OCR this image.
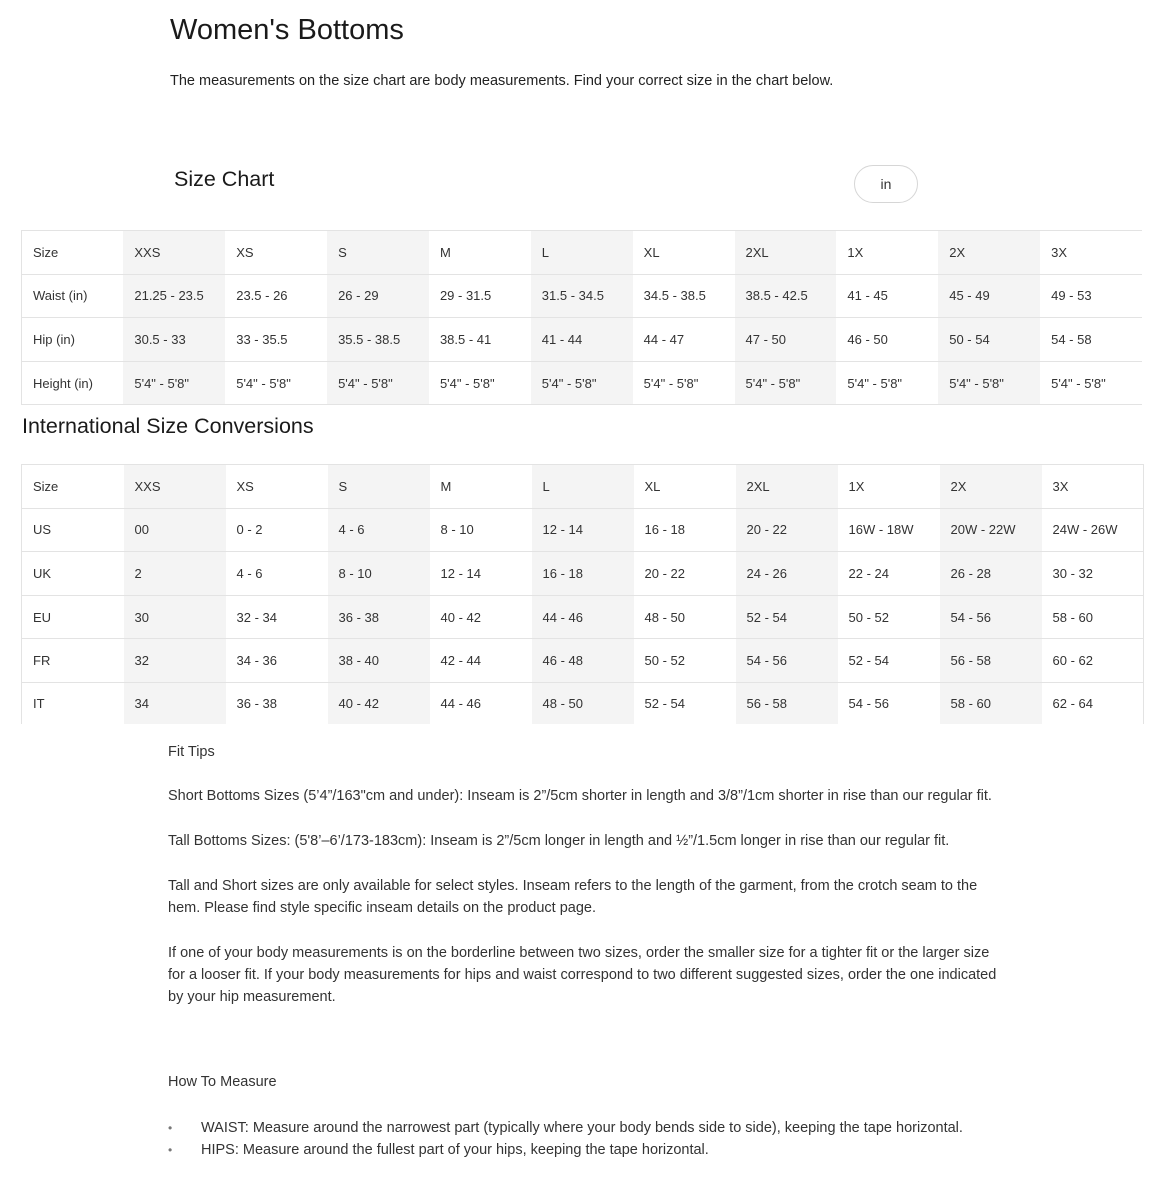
Women's Bottoms

The measurements on the size chart are body measurements. Find your correct size in the chart below.

Size Chart	in
Size	XXS	XS	S	M	L	XL	2XL	1X	2X	3X
Waist (in)	21.25 - 23.5	23.5 - 26	26 - 29	29 - 31.5	31.5 - 34.5	34.5 - 38.5	38.5 - 42.5	41 - 45	45 - 49	49 - 53
Hip (in)	30.5 - 33	33 - 35.5	35.5 - 38.5	38.5 - 41	41 - 44	44 - 47	47 - 50	46 - 50	50 - 54	54 - 58
Height (in)	5'4" - 5'8"	5'4" - 5'8"	5'4" - 5'8"	5'4" - 5'8"	5'4" - 5'8"	5'4" - 5'8"	5'4" - 5'8"	5'4" - 5'8"	5'4" - 5'8"	5'4" - 5'8"
International Size Conversions
Size	XXS	XS	S	M	L	XL	2XL	1X	2X	3X
US	00	0 - 2	4 - 6	8 - 10	12 - 14	16 - 18	20 - 22	16W - 18W	20W - 22W	24W - 26W
UK	2	4 - 6	8 - 10	12 - 14	16 - 18	20 - 22	24 - 26	22 - 24	26 - 28	30 - 32
EU	30	32 - 34	36 - 38	40 - 42	44 - 46	48 - 50	52 - 54	50 - 52	54 - 56	58 - 60
FR	32	34 - 36	38 - 40	42 - 44	46 - 48	50 - 52	54 - 56	52 - 54	56 - 58	60 - 62
IT	34	36 - 38	40 - 42	44 - 46	48 - 50	52 - 54	56 - 58	54 - 56	58 - 60	62 - 64

Fit Tips

Short Bottoms Sizes (5’4”/163"cm and under): Inseam is 2”/5cm shorter in length and 3/8”/1cm shorter in rise than our regular fit.

Tall Bottoms Sizes: (5'8’–6’/173-183cm): Inseam is 2”/5cm longer in length and ½”/1.5cm longer in rise than our regular fit.

Tall and Short sizes are only available for select styles. Inseam refers to the length of the garment, from the crotch seam to the hem. Please find style specific inseam details on the product page.

If one of your body measurements is on the borderline between two sizes, order the smaller size for a tighter fit or the larger size for a looser fit. If your body measurements for hips and waist correspond to two different suggested sizes, order the one indicated by your hip measurement.

How To Measure

•	WAIST: Measure around the narrowest part (typically where your body bends side to side), keeping the tape horizontal.
•	HIPS: Measure around the fullest part of your hips, keeping the tape horizontal.
